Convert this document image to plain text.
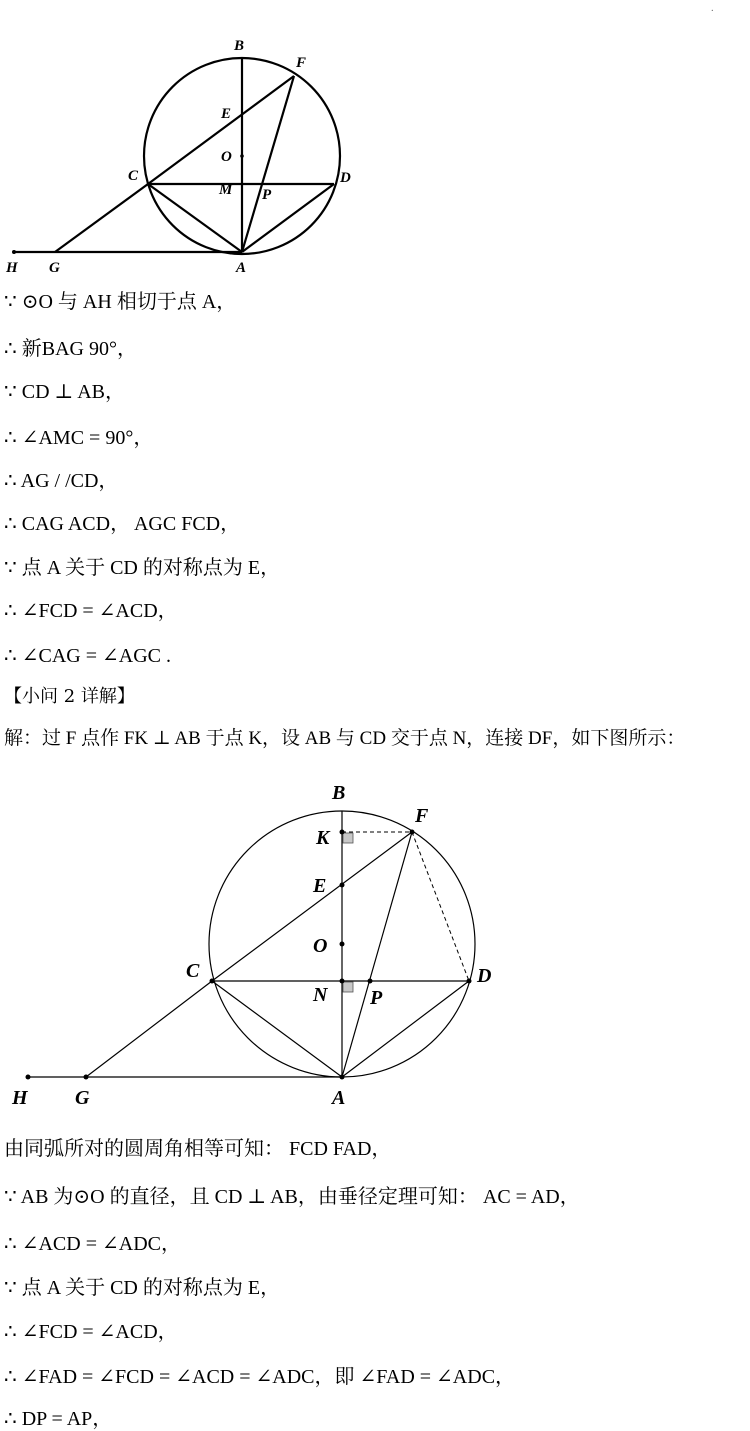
·
B
F
E
O
C
M P
D
H G	A
∵ ⊙O 与 AH 相切于点 A，
∴ 新BAG 90°，
∵ CD ⊥ AB，
∴ ∠AMC = 90°，
∴ AG / /CD，
∴ CAG ACD， AGC FCD，
∵ 点 A 关于 CD 的对称点为 E，
∴ ∠FCD = ∠ACD，
∴ ∠CAG = ∠AGC .
【小问 2 详解】
解：过 F 点作 FK ⊥ AB 于点 K，设 AB 与 CD 交于点 N，连接 DF，如下图所示：
B
F
K
E
O
C	D
N P
H G	A
由同弧所对的圆周角相等可知： FCD FAD，
∵ AB 为⊙O 的直径，且 CD ⊥ AB，由垂径定理可知： AC = AD，
∴ ∠ACD = ∠ADC，
∵ 点 A 关于 CD 的对称点为 E，
∴ ∠FCD = ∠ACD，
∴ ∠FAD = ∠FCD = ∠ACD = ∠ADC，即 ∠FAD = ∠ADC，
∴ DP = AP，
